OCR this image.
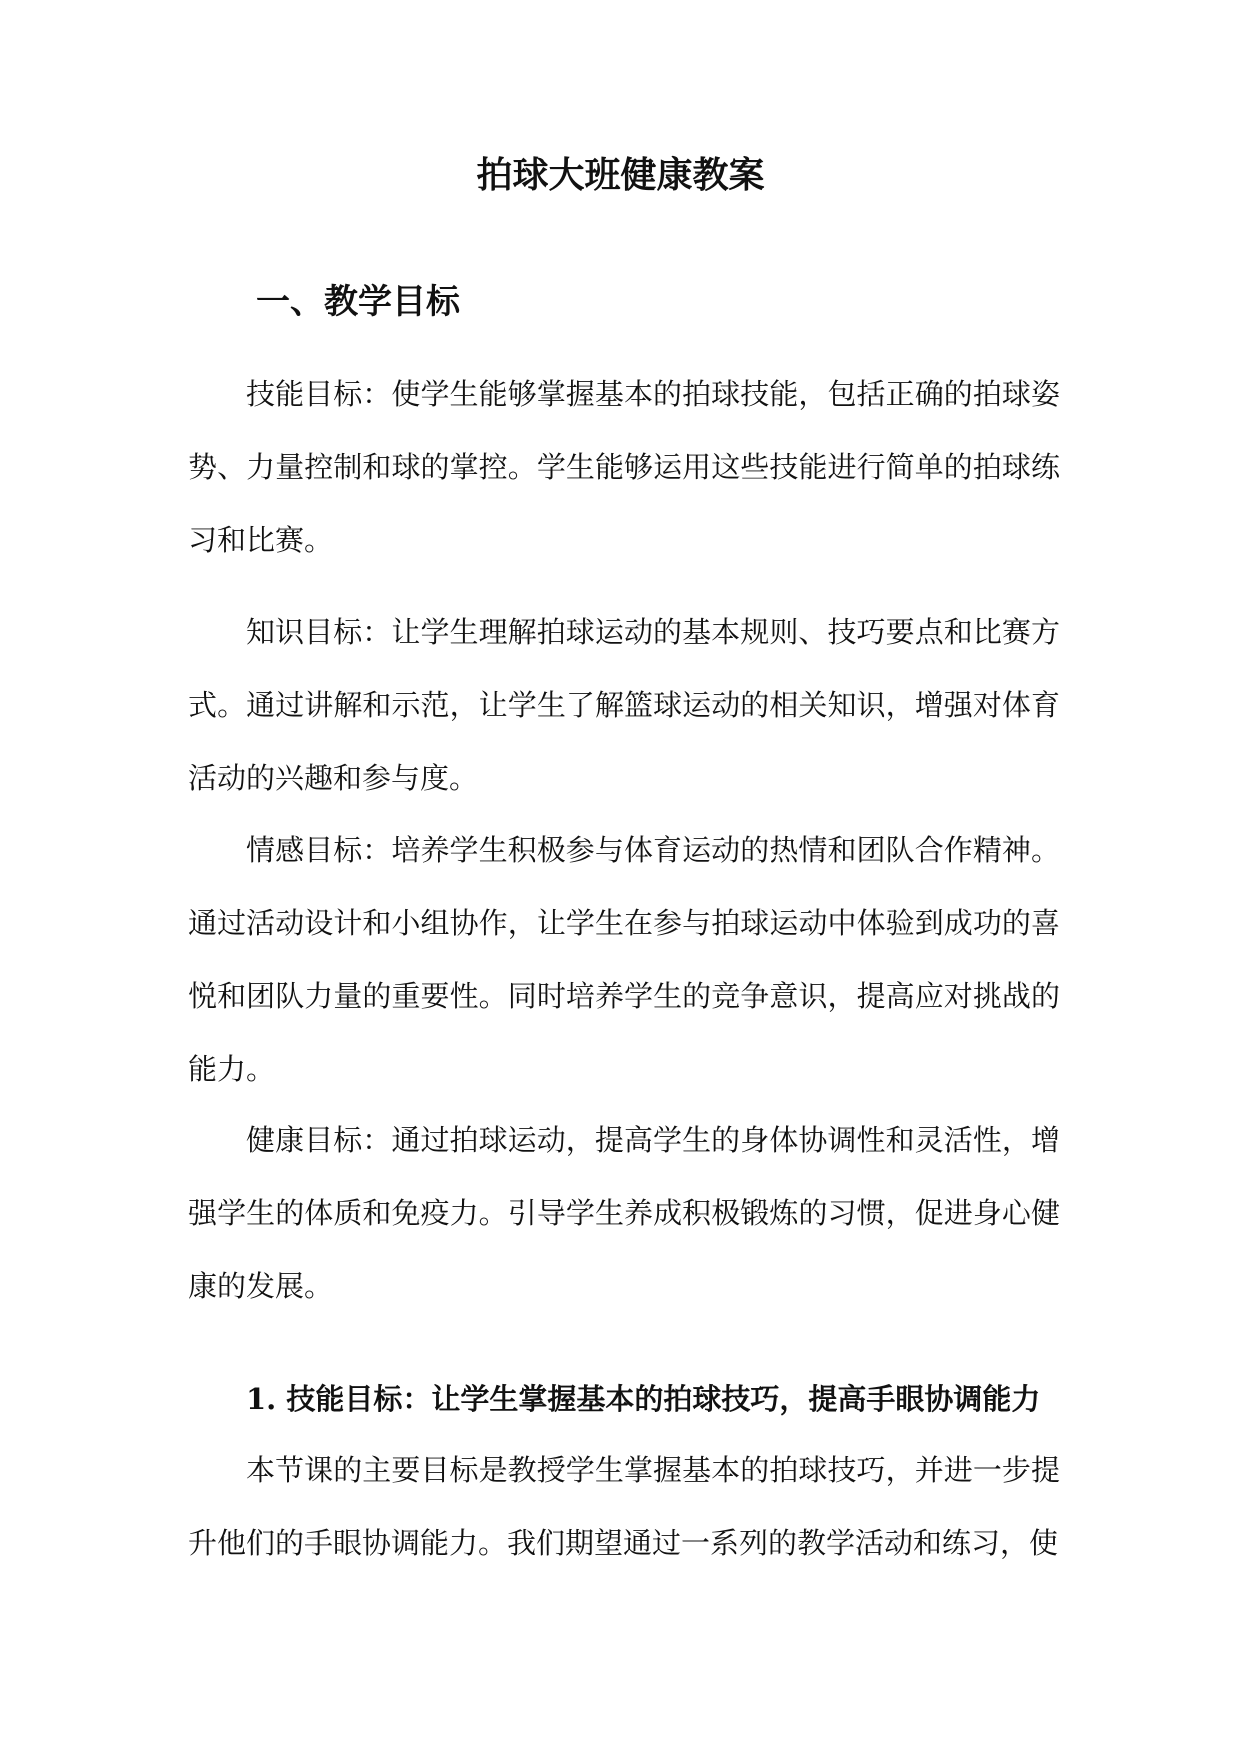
拍球大班健康教案
一、教学目标

技能目标：使学生能够掌握基本的拍球技能，包括正确的拍球姿势、力量控制和球的掌控。学生能够运用这些技能进行简单的拍球练习和比赛。

知识目标：让学生理解拍球运动的基本规则、技巧要点和比赛方式。通过讲解和示范，让学生了解篮球运动的相关知识，增强对体育活动的兴趣和参与度。

情感目标：培养学生积极参与体育运动的热情和团队合作精神。通过活动设计和小组协作，让学生在参与拍球运动中体验到成功的喜悦和团队力量的重要性。同时培养学生的竞争意识，提高应对挑战的能力。

健康目标：通过拍球运动，提高学生的身体协调性和灵活性，增强学生的体质和免疫力。引导学生养成积极锻炼的习惯，促进身心健康的发展。

1. 技能目标：让学生掌握基本的拍球技巧，提高手眼协调能力

本节课的主要目标是教授学生掌握基本的拍球技巧，并进一步提升他们的手眼协调能力。我们期望通过一系列的教学活动和练习，使
